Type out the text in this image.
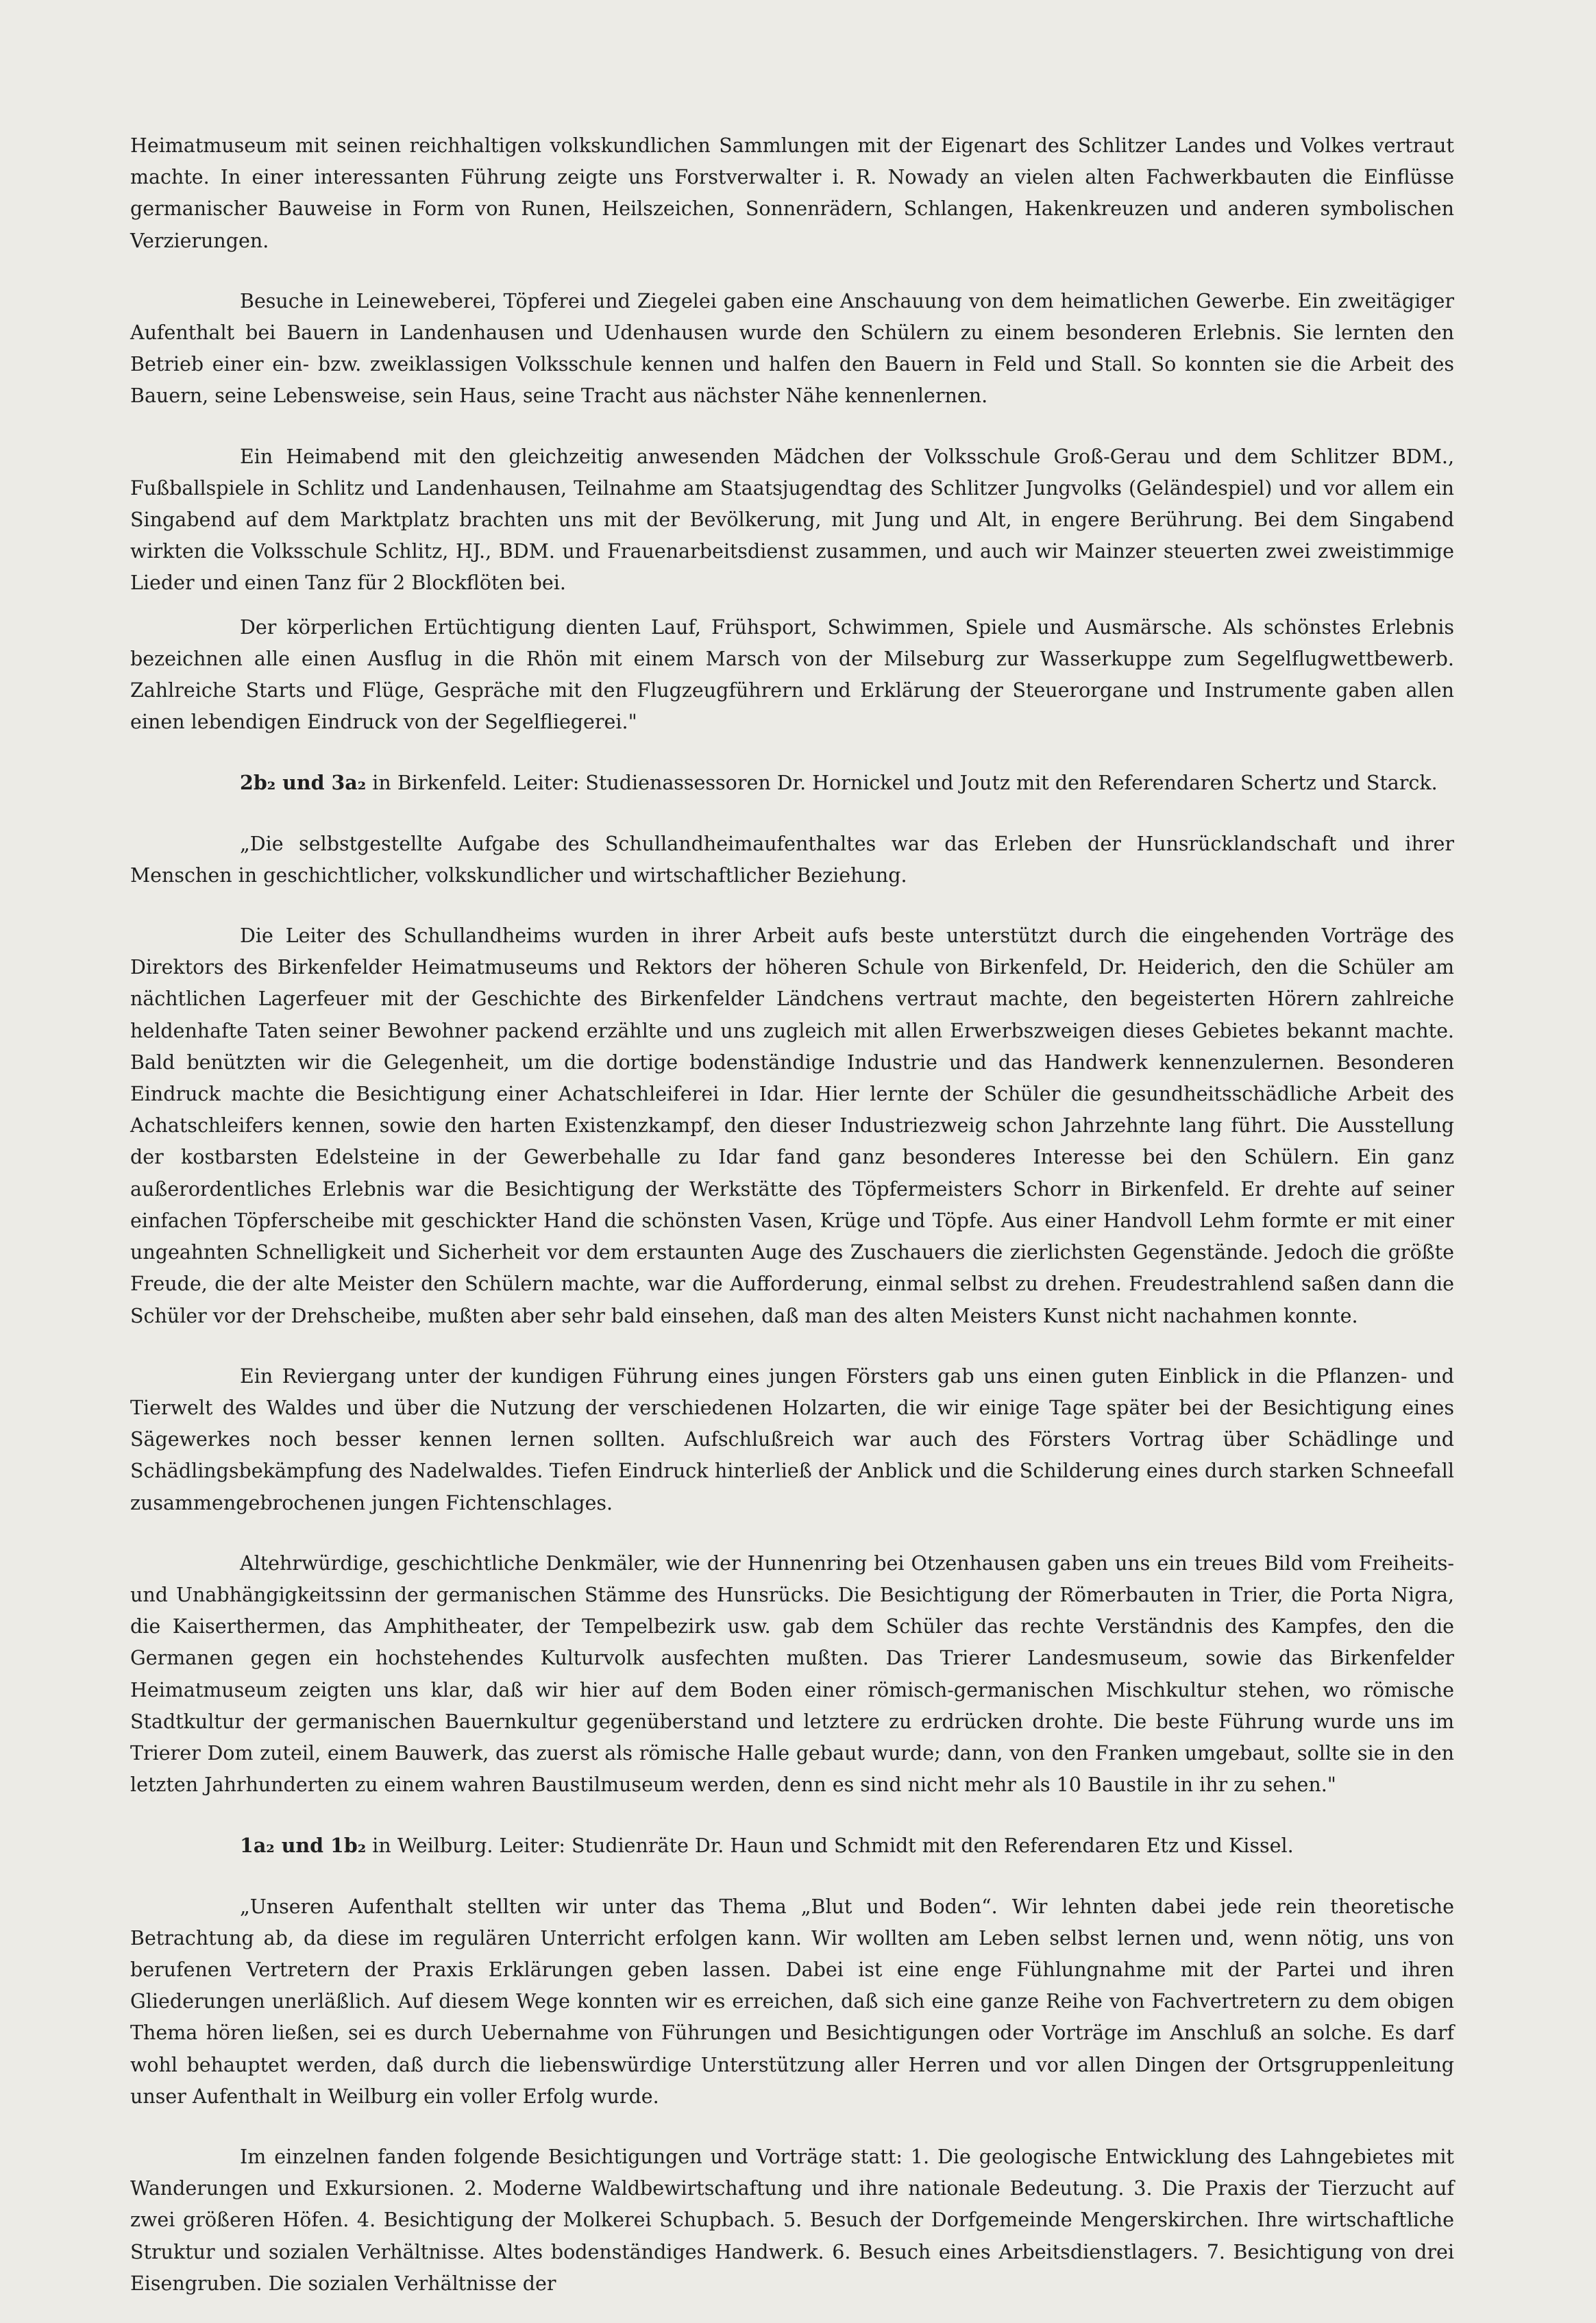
Heimatmuseum mit seinen reichhaltigen volkskundlichen Sammlungen mit der Eigenart des Schlitzer Landes und Volkes vertraut machte. In einer interessanten Führung zeigte uns Forstverwalter i. R. Nowady an vielen alten Fachwerkbauten die Einflüsse germanischer Bauweise in Form von Runen, Heilszeichen, Sonnenrädern, Schlangen, Hakenkreuzen und anderen symbolischen Verzierungen.

Besuche in Leineweberei, Töpferei und Ziegelei gaben eine Anschauung von dem heimatlichen Gewerbe. Ein zweitägiger Aufenthalt bei Bauern in Landenhausen und Udenhausen wurde den Schülern zu einem besonderen Erlebnis. Sie lernten den Betrieb einer ein- bzw. zweiklassigen Volksschule kennen und halfen den Bauern in Feld und Stall. So konnten sie die Arbeit des Bauern, seine Lebensweise, sein Haus, seine Tracht aus nächster Nähe kennenlernen.

Ein Heimabend mit den gleichzeitig anwesenden Mädchen der Volksschule Groß-Gerau und dem Schlitzer BDM., Fußballspiele in Schlitz und Landenhausen, Teilnahme am Staatsjugendtag des Schlitzer Jungvolks (Geländespiel) und vor allem ein Singabend auf dem Marktplatz brachten uns mit der Bevölkerung, mit Jung und Alt, in engere Berührung. Bei dem Singabend wirkten die Volksschule Schlitz, HJ., BDM. und Frauenarbeitsdienst zusammen, und auch wir Mainzer steuerten zwei zweistimmige Lieder und einen Tanz für 2 Blockflöten bei.

Der körperlichen Ertüchtigung dienten Lauf, Frühsport, Schwimmen, Spiele und Ausmärsche. Als schönstes Erlebnis bezeichnen alle einen Ausflug in die Rhön mit einem Marsch von der Milseburg zur Wasserkuppe zum Segelflugwettbewerb. Zahlreiche Starts und Flüge, Gespräche mit den Flugzeugführern und Erklärung der Steuerorgane und Instrumente gaben allen einen lebendigen Eindruck von der Segelfliegerei."

2b₂ und 3a₂ in Birkenfeld. Leiter: Studienassessoren Dr. Hornickel und Joutz mit den Referendaren Schertz und Starck.

„Die selbstgestellte Aufgabe des Schullandheimaufenthaltes war das Erleben der Hunsrücklandschaft und ihrer Menschen in geschichtlicher, volkskundlicher und wirtschaftlicher Beziehung.

Die Leiter des Schullandheims wurden in ihrer Arbeit aufs beste unterstützt durch die eingehenden Vorträge des Direktors des Birkenfelder Heimatmuseums und Rektors der höheren Schule von Birkenfeld, Dr. Heiderich, den die Schüler am nächtlichen Lagerfeuer mit der Geschichte des Birkenfelder Ländchens vertraut machte, den begeisterten Hörern zahlreiche heldenhafte Taten seiner Bewohner packend erzählte und uns zugleich mit allen Erwerbszweigen dieses Gebietes bekannt machte. Bald benützten wir die Gelegenheit, um die dortige bodenständige Industrie und das Handwerk kennenzulernen. Besonderen Eindruck machte die Besichtigung einer Achatschleiferei in Idar. Hier lernte der Schüler die gesundheitsschädliche Arbeit des Achatschleifers kennen, sowie den harten Existenzkampf, den dieser Industriezweig schon Jahrzehnte lang führt. Die Ausstellung der kostbarsten Edelsteine in der Gewerbehalle zu Idar fand ganz besonderes Interesse bei den Schülern. Ein ganz außerordentliches Erlebnis war die Besichtigung der Werkstätte des Töpfermeisters Schorr in Birkenfeld. Er drehte auf seiner einfachen Töpferscheibe mit geschickter Hand die schönsten Vasen, Krüge und Töpfe. Aus einer Handvoll Lehm formte er mit einer ungeahnten Schnelligkeit und Sicherheit vor dem erstaunten Auge des Zuschauers die zierlichsten Gegenstände. Jedoch die größte Freude, die der alte Meister den Schülern machte, war die Aufforderung, einmal selbst zu drehen. Freudestrahlend saßen dann die Schüler vor der Drehscheibe, mußten aber sehr bald einsehen, daß man des alten Meisters Kunst nicht nachahmen konnte.

Ein Reviergang unter der kundigen Führung eines jungen Försters gab uns einen guten Einblick in die Pflanzen- und Tierwelt des Waldes und über die Nutzung der verschiedenen Holzarten, die wir einige Tage später bei der Besichtigung eines Sägewerkes noch besser kennen lernen sollten. Aufschlußreich war auch des Försters Vortrag über Schädlinge und Schädlingsbekämpfung des Nadelwaldes. Tiefen Eindruck hinterließ der Anblick und die Schilderung eines durch starken Schneefall zusammengebrochenen jungen Fichtenschlages.

Altehrwürdige, geschichtliche Denkmäler, wie der Hunnenring bei Otzenhausen gaben uns ein treues Bild vom Freiheits- und Unabhängigkeitssinn der germanischen Stämme des Hunsrücks. Die Besichtigung der Römerbauten in Trier, die Porta Nigra, die Kaiserthermen, das Amphitheater, der Tempelbezirk usw. gab dem Schüler das rechte Verständnis des Kampfes, den die Germanen gegen ein hochstehendes Kulturvolk ausfechten mußten. Das Trierer Landesmuseum, sowie das Birkenfelder Heimatmuseum zeigten uns klar, daß wir hier auf dem Boden einer römisch-germanischen Mischkultur stehen, wo römische Stadtkultur der germanischen Bauernkultur gegenüberstand und letztere zu erdrücken drohte. Die beste Führung wurde uns im Trierer Dom zuteil, einem Bauwerk, das zuerst als römische Halle gebaut wurde; dann, von den Franken umgebaut, sollte sie in den letzten Jahrhunderten zu einem wahren Baustilmuseum werden, denn es sind nicht mehr als 10 Baustile in ihr zu sehen."

1a₂ und 1b₂ in Weilburg. Leiter: Studienräte Dr. Haun und Schmidt mit den Referendaren Etz und Kissel.

„Unseren Aufenthalt stellten wir unter das Thema „Blut und Boden“. Wir lehnten dabei jede rein theoretische Betrachtung ab, da diese im regulären Unterricht erfolgen kann. Wir wollten am Leben selbst lernen und, wenn nötig, uns von berufenen Vertretern der Praxis Erklärungen geben lassen. Dabei ist eine enge Fühlungnahme mit der Partei und ihren Gliederungen unerläßlich. Auf diesem Wege konnten wir es erreichen, daß sich eine ganze Reihe von Fachvertretern zu dem obigen Thema hören ließen, sei es durch Uebernahme von Führungen und Besichtigungen oder Vorträge im Anschluß an solche. Es darf wohl behauptet werden, daß durch die liebenswürdige Unterstützung aller Herren und vor allen Dingen der Ortsgruppenleitung unser Aufenthalt in Weilburg ein voller Erfolg wurde.

Im einzelnen fanden folgende Besichtigungen und Vorträge statt: 1. Die geologische Entwicklung des Lahngebietes mit Wanderungen und Exkursionen. 2. Moderne Waldbewirtschaftung und ihre nationale Bedeutung. 3. Die Praxis der Tierzucht auf zwei größeren Höfen. 4. Besichtigung der Molkerei Schupbach. 5. Besuch der Dorfgemeinde Mengerskirchen. Ihre wirtschaftliche Struktur und sozialen Verhältnisse. Altes bodenständiges Handwerk. 6. Besuch eines Arbeitsdienstlagers. 7. Besichtigung von drei Eisengruben. Die sozialen Verhältnisse der
